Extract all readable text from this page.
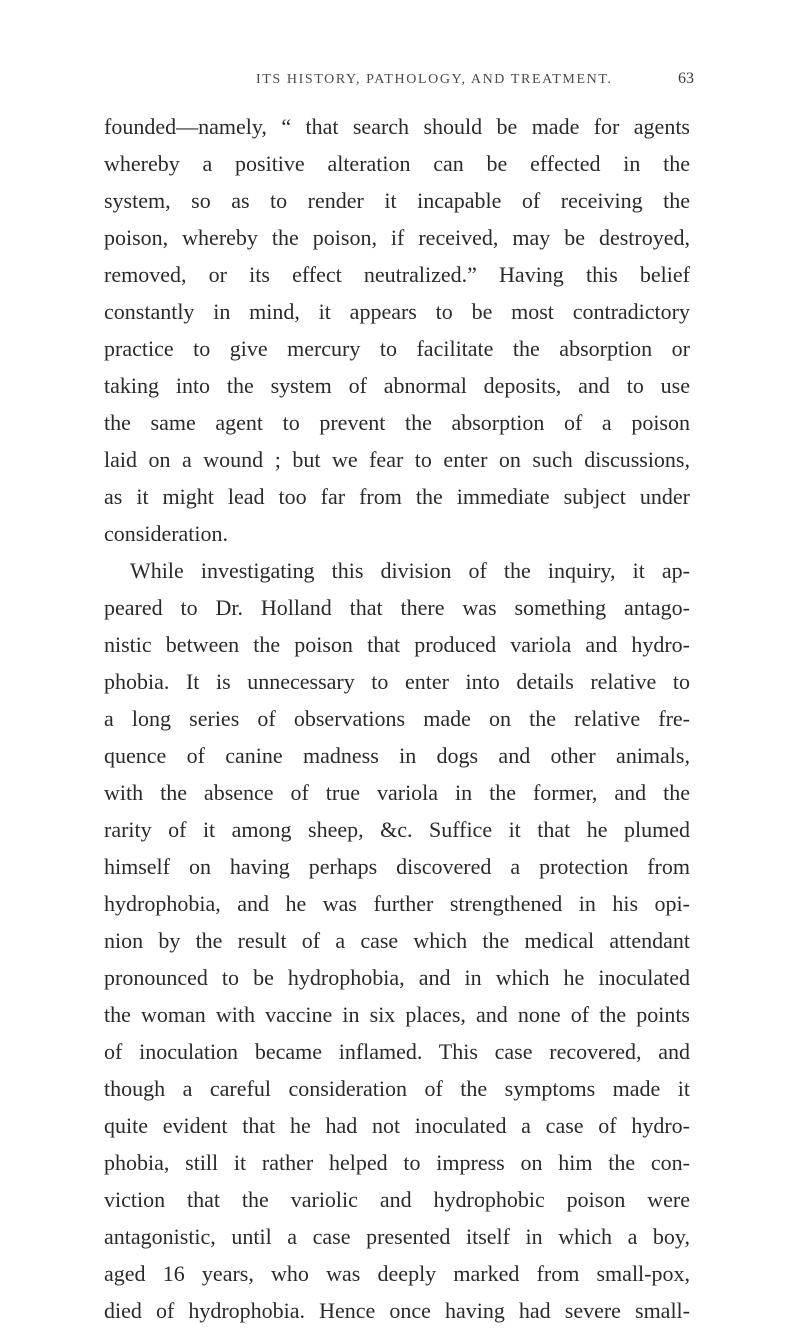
ITS HISTORY, PATHOLOGY, AND TREATMENT.	63
founded—namely, “ that search should be made for agents
whereby a positive alteration can be effected in the
system, so as to render it incapable of receiving the
poison, whereby the poison, if received, may be destroyed,
removed, or its effect neutralized.” Having this belief
constantly in mind, it appears to be most contradictory
practice to give mercury to facilitate the absorption or
taking into the system of abnormal deposits, and to use
the same agent to prevent the absorption of a poison
laid on a wound ; but we fear to enter on such discussions,
as it might lead too far from the immediate subject under
consideration.
While investigating this division of the inquiry, it ap-
peared to Dr. Holland that there was something antago-
nistic between the poison that produced variola and hydro-
phobia. It is unnecessary to enter into details relative to
a long series of observations made on the relative fre-
quence of canine madness in dogs and other animals,
with the absence of true variola in the former, and the
rarity of it among sheep, &c. Suffice it that he plumed
himself on having perhaps discovered a protection from
hydrophobia, and he was further strengthened in his opi-
nion by the result of a case which the medical attendant
pronounced to be hydrophobia, and in which he inoculated
the woman with vaccine in six places, and none of the points
of inoculation became inflamed. This case recovered, and
though a careful consideration of the symptoms made it
quite evident that he had not inoculated a case of hydro-
phobia, still it rather helped to impress on him the con-
viction that the variolic and hydrophobic poison were
antagonistic, until a case presented itself in which a boy,
aged 16 years, who was deeply marked from small-pox,
died of hydrophobia. Hence once having had severe small-
